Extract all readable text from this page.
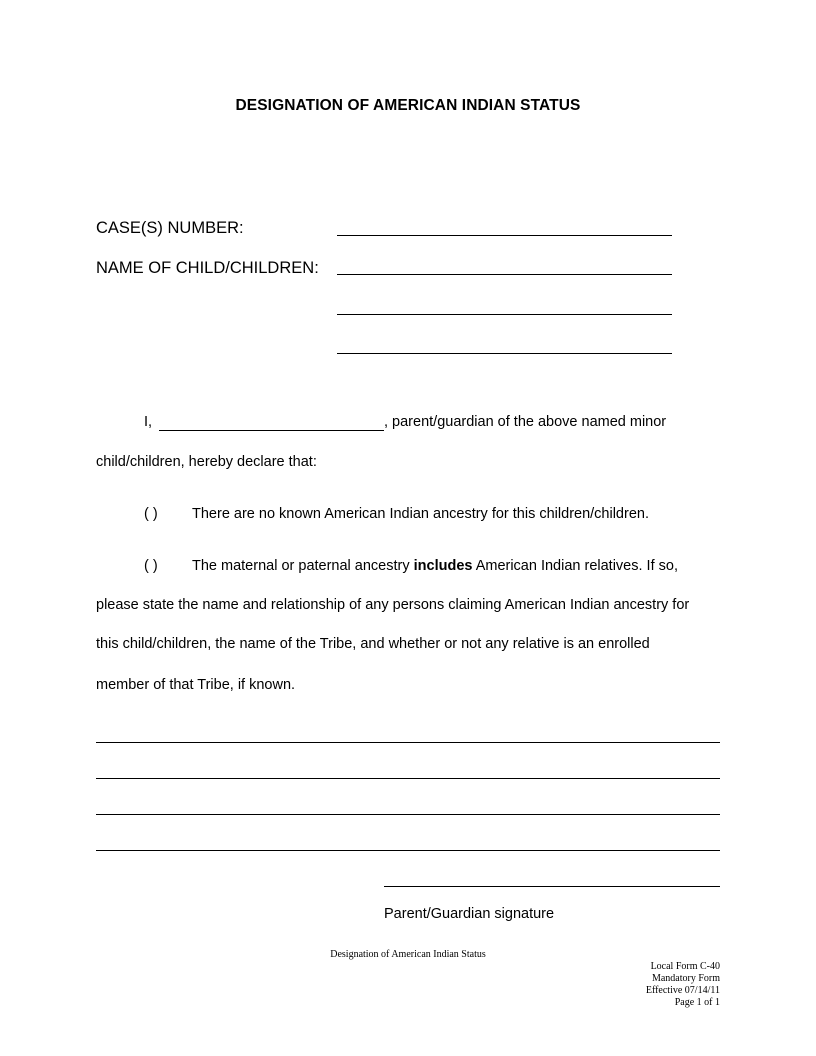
DESIGNATION OF AMERICAN INDIAN STATUS
CASE(S) NUMBER:
NAME OF CHILD/CHILDREN:
I,	, parent/guardian of the above named minor
child/children, hereby declare that:
( ) There are no known American Indian ancestry for this children/children.
( ) The maternal or paternal ancestry includes American Indian relatives. If so,
please state the name and relationship of any persons claiming American Indian ancestry for
this child/children, the name of the Tribe, and whether or not any relative is an enrolled
member of that Tribe, if known.
Parent/Guardian signature
Designation of American Indian Status
Local Form C-40
Mandatory Form
Effective 07/14/11
Page 1 of 1
